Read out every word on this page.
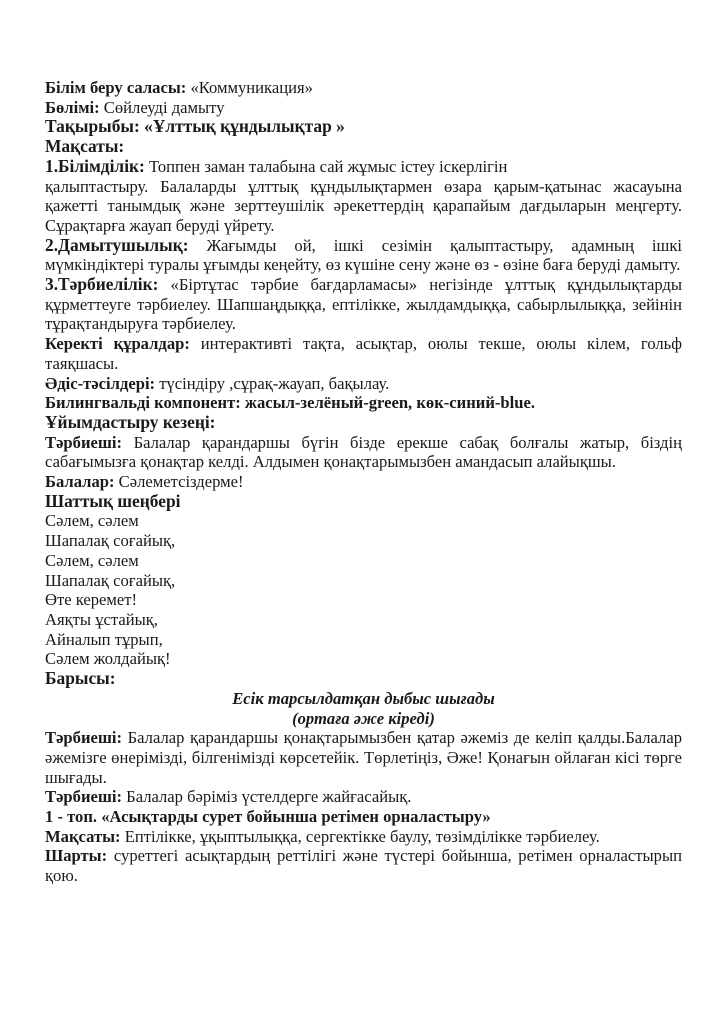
Білім беру саласы: «Коммуникация»
Бөлімі: Сөйлеуді дамыту
Тақырыбы: «Ұлттық құндылықтар »
Мақсаты:
1.Білімділік: Топпен заман талабына сай жұмыс істеу іскерлігін
қалыптастыру. Балаларды ұлттық құндылықтармен өзара қарым-қатынас жасауына қажетті танымдық және зерттеушілік әрекеттердің қарапайым дағдыларын меңгерту. Сұрақтарға жауап беруді үйрету.
2.Дамытушылық: Жағымды ой, ішкі сезімін қалыптастыру, адамның ішкі мүмкіндіктері туралы ұғымды кеңейту, өз күшіне сену және өз - өзіне баға беруді дамыту.
3.Тәрбиелілік: «Біртұтас тәрбие бағдарламасы» негізінде ұлттық құндылықтарды құрметтеуге тәрбиелеу. Шапшаңдыққа, ептілікке, жылдамдыққа, сабырлылыққа, зейінін тұрақтандыруға тәрбиелеу.
Керекті құралдар: интерактивті тақта, асықтар, оюлы текше, оюлы кілем, гольф таяқшасы.
Әдіс-тәсілдері: түсіндіру ,сұрақ-жауап, бақылау.
Билингвальді компонент: жасыл-зелёный-green, көк-синий-blue.
Ұйымдастыру кезеңі:
Тәрбиеші: Балалар қарандаршы бүгін бізде ерекше сабақ болғалы жатыр, біздің сабағымызға қонақтар келді. Алдымен қонақтарымызбен амандасып алайықшы.
Балалар: Сәлеметсіздерме!
Шаттық шеңбері
Сәлем, сәлем
Шапалақ соғайық,
Сәлем, сәлем
Шапалақ соғайық,
Өте керемет!
Аяқты ұстайық,
Айналып тұрып,
Сәлем жолдайық!
Барысы:
Есік тарсылдатқан дыбыс шығады
(ортаға әже кіреді)
Тәрбиеші: Балалар қарандаршы қонақтарымызбен қатар әжеміз де келіп қалды.Балалар әжемізге өнерімізді, білгенімізді көрсетейік. Төрлетіңіз, Әже! Қонағын ойлаған кісі төрге шығады.
Тәрбиеші: Балалар бәріміз үстелдерге жайғасайық.
1 - топ. «Асықтарды сурет бойынша ретімен орналастыру»
Мақсаты: Ептілікке, ұқыптылыққа, сергектікке баулу, төзімділікке тәрбиелеу.
Шарты: суреттегі асықтардың реттілігі және түстері бойынша, ретімен орналастырып қою.
